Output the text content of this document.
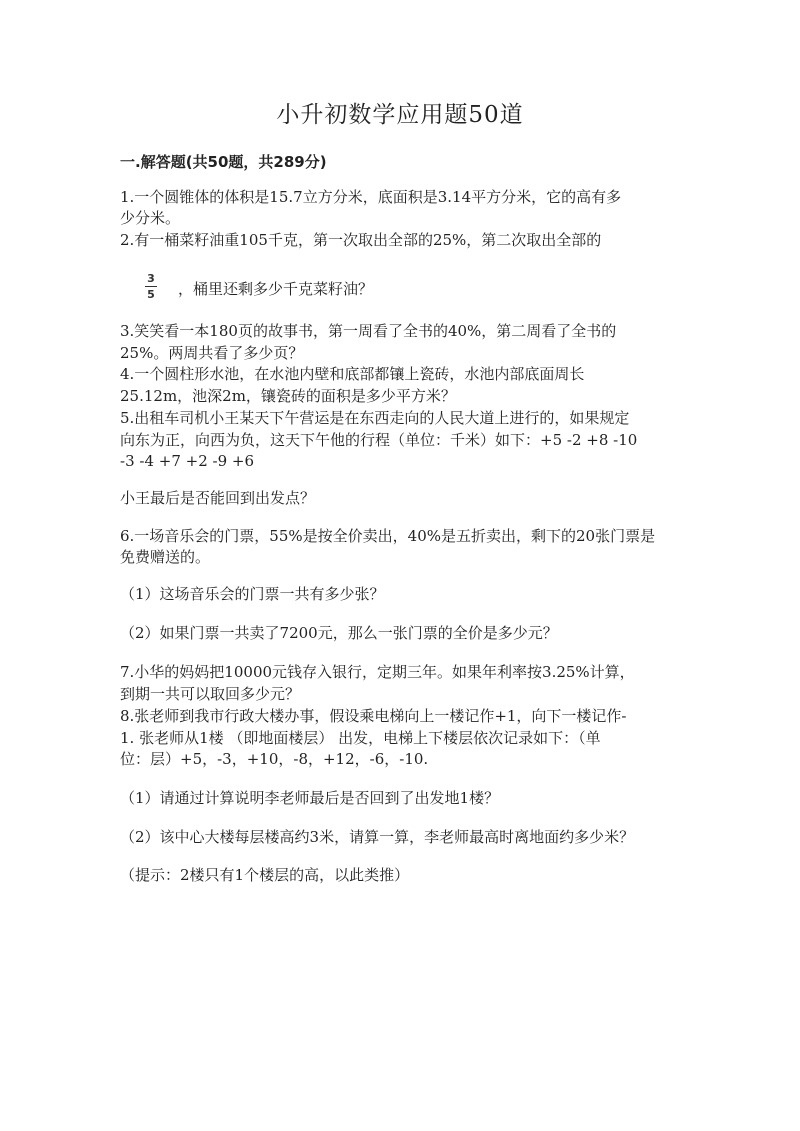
小升初数学应用题50道
一.解答题(共50题，共289分)
1.一个圆锥体的体积是15.7立方分米，底面积是3.14平方分米，它的高有多
少分米。
2.有一桶菜籽油重105千克，第一次取出全部的25%，第二次取出全部的
3
5 ，桶里还剩多少千克菜籽油？
3.笑笑看一本180页的故事书，第一周看了全书的40%，第二周看了全书的
25%。两周共看了多少页？
4.一个圆柱形水池，在水池内壁和底部都镶上瓷砖，水池内部底面周长
25.12m，池深2m，镶瓷砖的面积是多少平方米？
5.出租车司机小王某天下午营运是在东西走向的人民大道上进行的，如果规定
向东为正，向西为负，这天下午他的行程（单位：千米）如下：+5 -2 +8 -10
-3 -4 +7 +2 -9 +6
小王最后是否能回到出发点？
6.一场音乐会的门票，55%是按全价卖出，40%是五折卖出，剩下的20张门票是
免费赠送的。
（1）这场音乐会的门票一共有多少张？
（2）如果门票一共卖了7200元，那么一张门票的全价是多少元？
7.小华的妈妈把10000元钱存入银行，定期三年。如果年利率按3.25%计算，
到期一共可以取回多少元？
8.张老师到我市行政大楼办事，假设乘电梯向上一楼记作+1，向下一楼记作-
1. 张老师从1楼 （即地面楼层） 出发，电梯上下楼层依次记录如下：（单
位：层）+5，-3，+10，-8，+12，-6，-10.
（1）请通过计算说明李老师最后是否回到了出发地1楼？
（2）该中心大楼每层楼高约3米，请算一算，李老师最高时离地面约多少米？
（提示：2楼只有1个楼层的高，以此类推）
